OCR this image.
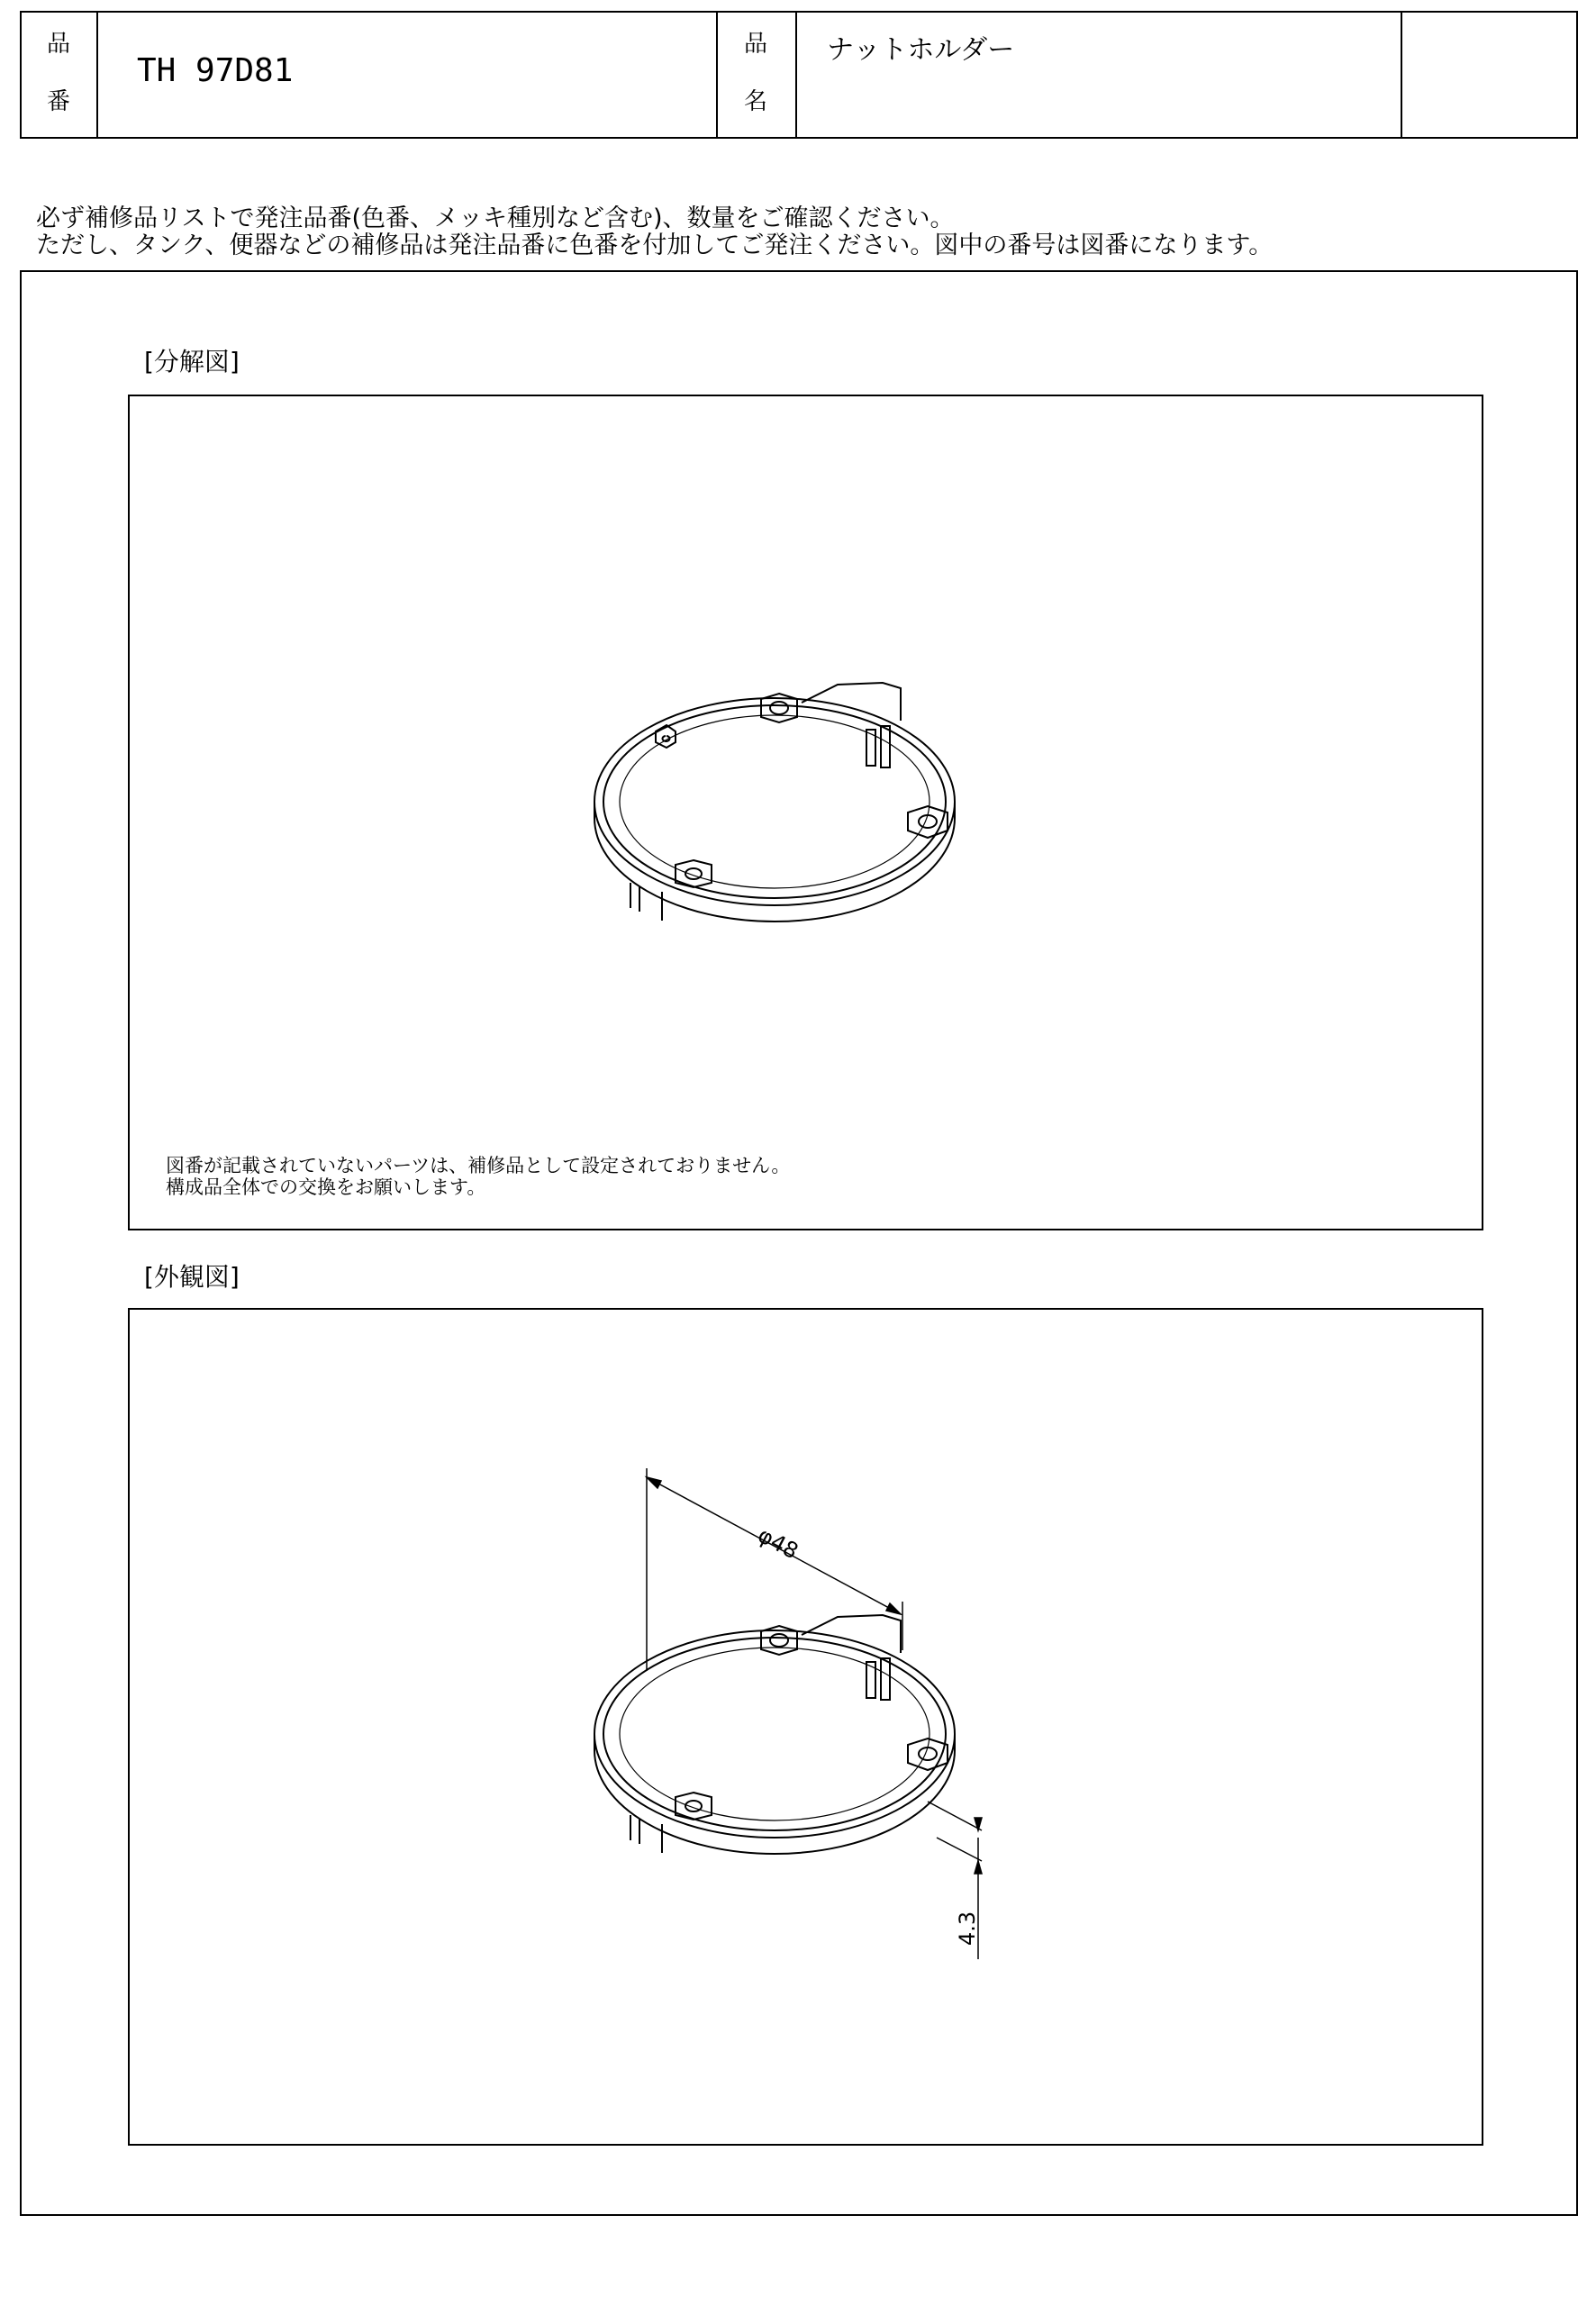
品
番
TH 97D81
品
名
ナットホルダー
必ず補修品リストで発注品番(色番、メッキ種別など含む)、数量をご確認ください。
ただし、タンク、便器などの補修品は発注品番に色番を付加してご発注ください。図中の番号は図番になります。
[分解図]
図番が記載されていないパーツは、補修品として設定されておりません。
構成品全体での交換をお願いします。
[外観図]
φ48
4.3
